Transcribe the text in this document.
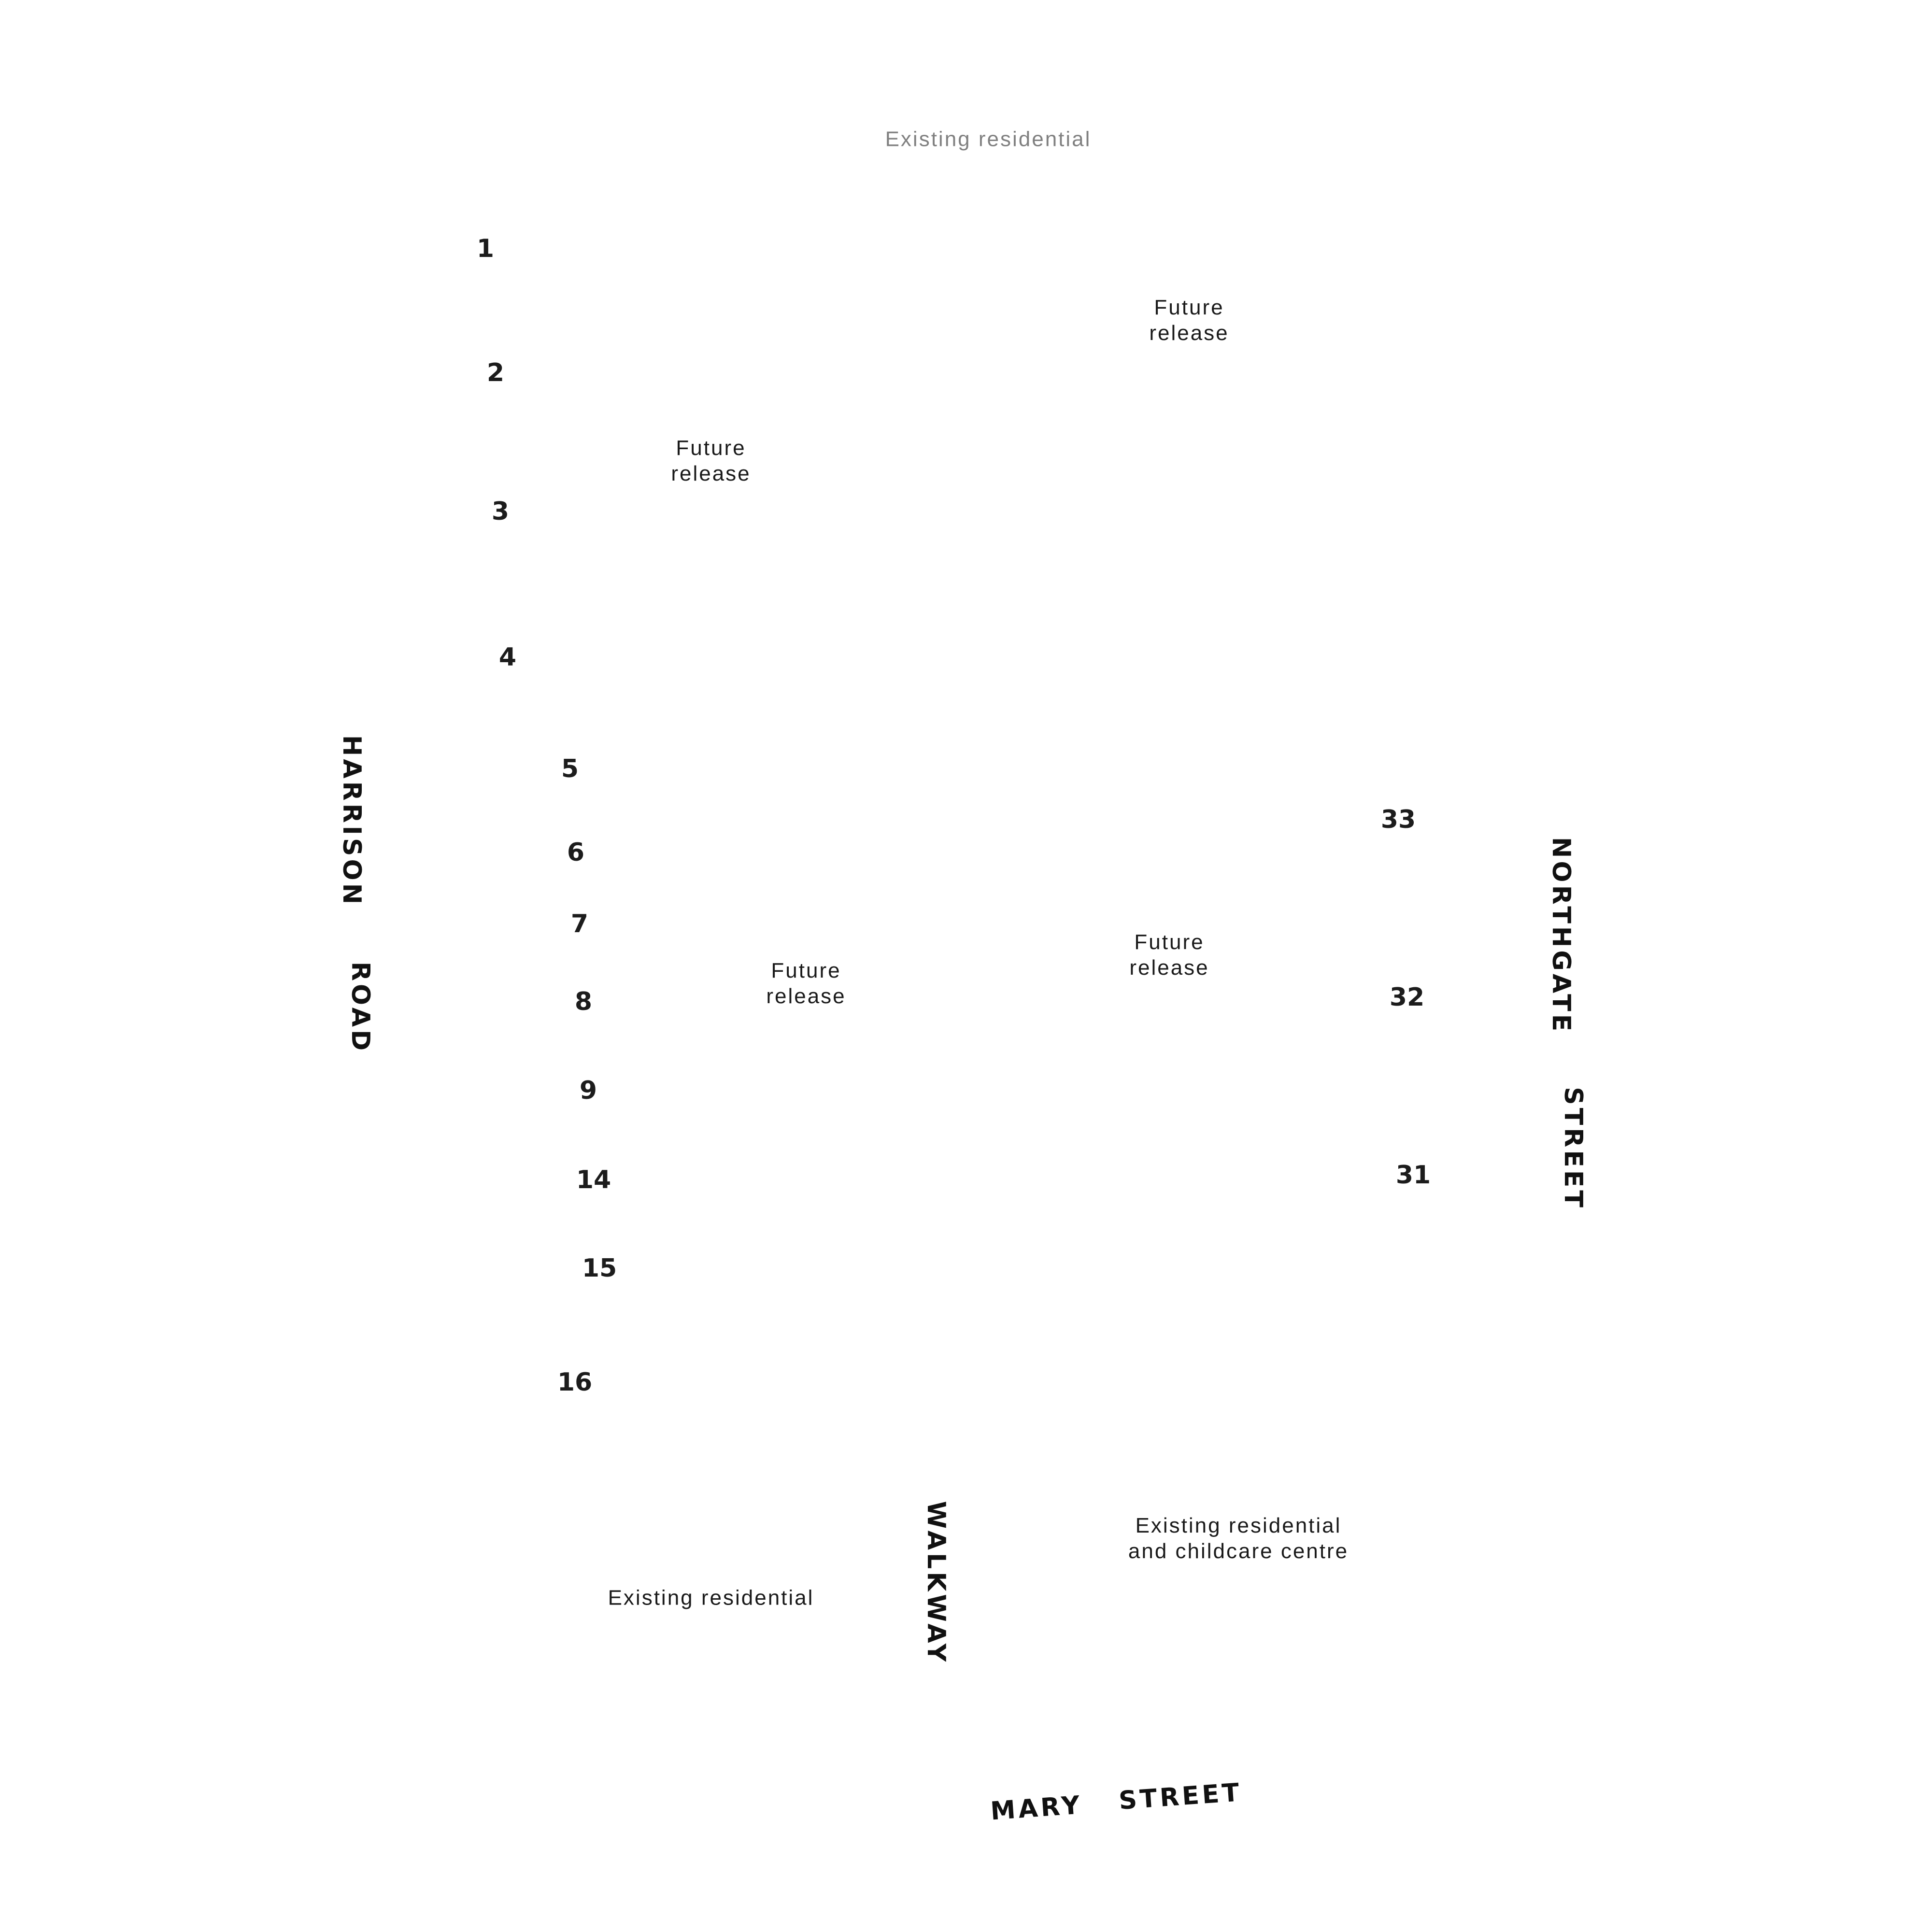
Existing residential
Future
release
Future
release
Future
release
Future
release
Existing residential
Existing residential
and childcare centre
1
2
3
4
5
6
7
8
9
14
15
16
31
32
33
HARRISON
ROAD	NORTHGATE
STREET
WALKWAY
MARY STREET
